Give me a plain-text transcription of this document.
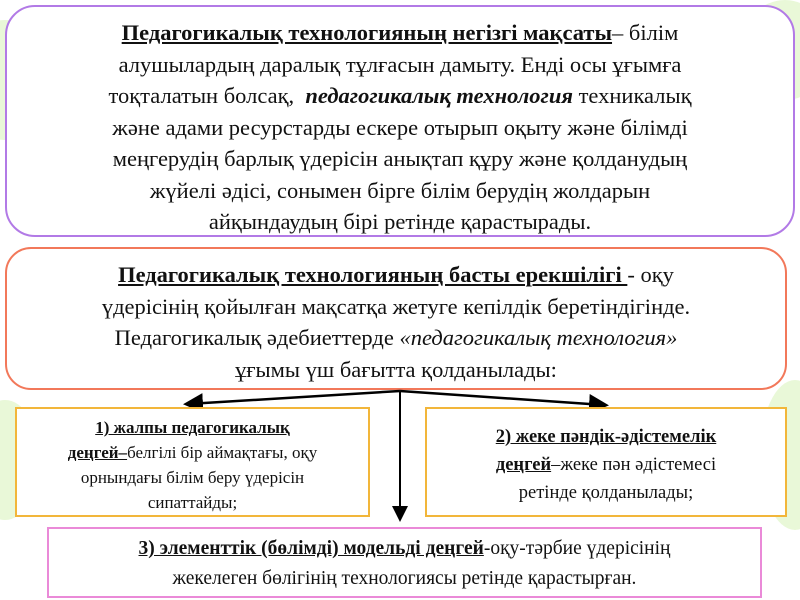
Педагогикалық технологияның негізгі мақсаты– білім
алушылардың даралық тұлғасын дамыту. Енді осы ұғымға
тоқталатын болсақ,  педагогикалық технология техникалық
және адами ресурстарды ескере отырып оқыту және білімді
меңгерудің барлық үдерісін анықтап құру және қолданудың
жүйелі әдісі, сонымен бірге білім берудің жолдарын
айқындаудың бірі ретінде қарастырады.
Педагогикалық технологияның басты ерекшілігі - оқу
үдерісінің қойылған мақсатқа жетуге кепілдік беретіндігінде.
Педагогикалық әдебиеттерде «педагогикалық технология»
ұғымы үш бағытта қолданылады:
1) жалпы педагогикалық
деңгей–белгілі бір аймақтағы, оқу
орнындағы білім беру үдерісін
сипаттайды;
2) жеке пәндік-әдістемелік
деңгей–жеке пән әдістемесі
ретінде қолданылады;
3) элементтік (бөлімді) модельді деңгей-оқу-тәрбие үдерісінің
жекелеген бөлігінің технологиясы ретінде қарастырған.
